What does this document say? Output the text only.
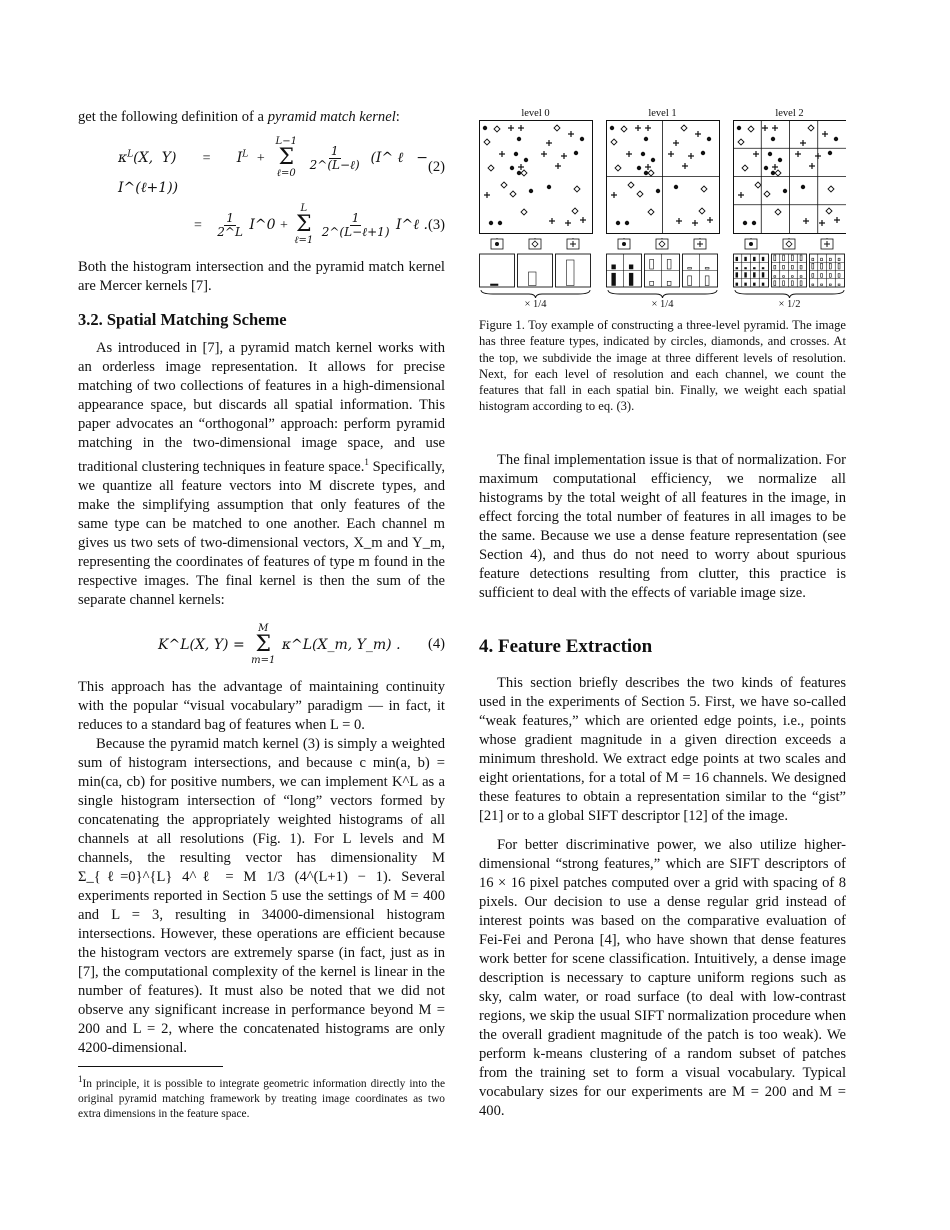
get the following definition of a pyramid match kernel:

$\kappa^L(X$, $Y) = I^L$ +
L−1
Σ
ℓ=0

$\frac{1}{\text{2\textasciicircum{}(L−ℓ)}}$ (I^ℓ − I^(ℓ+1))
(2)
= $\frac{1}{2\^{}L}$ I^0 +
L
Σ
ℓ=1

$\frac{1}{\text{2\textasciicircum{}(L−ℓ+1)}}$ I^ℓ . (3)

Both the histogram intersection and the pyramid match kernel are Mercer kernels [7].

3.2. Spatial Matching Scheme

As introduced in [7], a pyramid match kernel works with an orderless image representation. It allows for precise matching of two collections of features in a high-dimensional appearance space, but discards all spatial information. This paper advocates an “orthogonal” approach: perform pyramid matching in the two-dimensional image space, and use traditional clustering techniques in feature space.$^1$ Specifically, we quantize all feature vectors into M discrete types, and make the simplifying assumption that only features of the same type can be matched to one another. Each channel m gives us two sets of two-dimensional vectors, X_m and Y_m, representing the coordinates of features of type m found in the respective images. The final kernel is then the sum of the separate channel kernels:

K^L(X, Y) =
M
Σ
m=1
κ^L(X_m, Y_m) . (4)

This approach has the advantage of maintaining continuity with the popular “visual vocabulary” paradigm — in fact, it reduces to a standard bag of features when L = 0.

Because the pyramid match kernel (3) is simply a weighted sum of histogram intersections, and because c min(a, b) = min(ca, cb) for positive numbers, we can implement K^L as a single histogram intersection of “long” vectors formed by concatenating the appropriately weighted histograms of all channels at all resolutions (Fig. 1). For L levels and M channels, the resulting vector has dimensionality M Σ_{ℓ=0}^{L} 4^ℓ = M 1/3 (4^(L+1) − 1). Several experiments reported in Section 5 use the settings of M = 400 and L = 3, resulting in 34000-dimensional histogram intersections. However, these operations are efficient because the histogram vectors are extremely sparse (in fact, just as in [7], the computational complexity of the kernel is linear in the number of features). It must also be noted that we did not observe any significant increase in performance beyond M = 200 and L = 2, where the concatenated histograms are only 4200-dimensional.

$^1$In principle, it is possible to integrate geometric information directly into the original pyramid matching framework by treating image coordinates as two extra dimensions in the feature space.

level 0	level 1	level 2
× 1/4	× 1/4	× 1/2

Figure 1. Toy example of constructing a three-level pyramid. The image has three feature types, indicated by circles, diamonds, and crosses. At the top, we subdivide the image at three different levels of resolution. Next, for each level of resolution and each channel, we count the features that fall in each spatial bin. Finally, we weight each spatial histogram according to eq. (3).

The final implementation issue is that of normalization. For maximum computational efficiency, we normalize all histograms by the total weight of all features in the image, in effect forcing the total number of features in all images to be the same. Because we use a dense feature representation (see Section 4), and thus do not need to worry about spurious feature detections resulting from clutter, this practice is sufficient to deal with the effects of variable image size.

4. Feature Extraction

This section briefly describes the two kinds of features used in the experiments of Section 5. First, we have so-called “weak features,” which are oriented edge points, i.e., points whose gradient magnitude in a given direction exceeds a minimum threshold. We extract edge points at two scales and eight orientations, for a total of M = 16 channels. We designed these features to obtain a representation similar to the “gist” [21] or to a global SIFT descriptor [12] of the image.

For better discriminative power, we also utilize higher-dimensional “strong features,” which are SIFT descriptors of 16 × 16 pixel patches computed over a grid with spacing of 8 pixels. Our decision to use a dense regular grid instead of interest points was based on the comparative evaluation of Fei-Fei and Perona [4], who have shown that dense features work better for scene classification. Intuitively, a dense image description is necessary to capture uniform regions such as sky, calm water, or road surface (to deal with low-contrast regions, we skip the usual SIFT normalization procedure when the overall gradient magnitude of the patch is too weak). We perform k-means clustering of a random subset of patches from the training set to form a visual vocabulary. Typical vocabulary sizes for our experiments are M = 200 and M = 400.
